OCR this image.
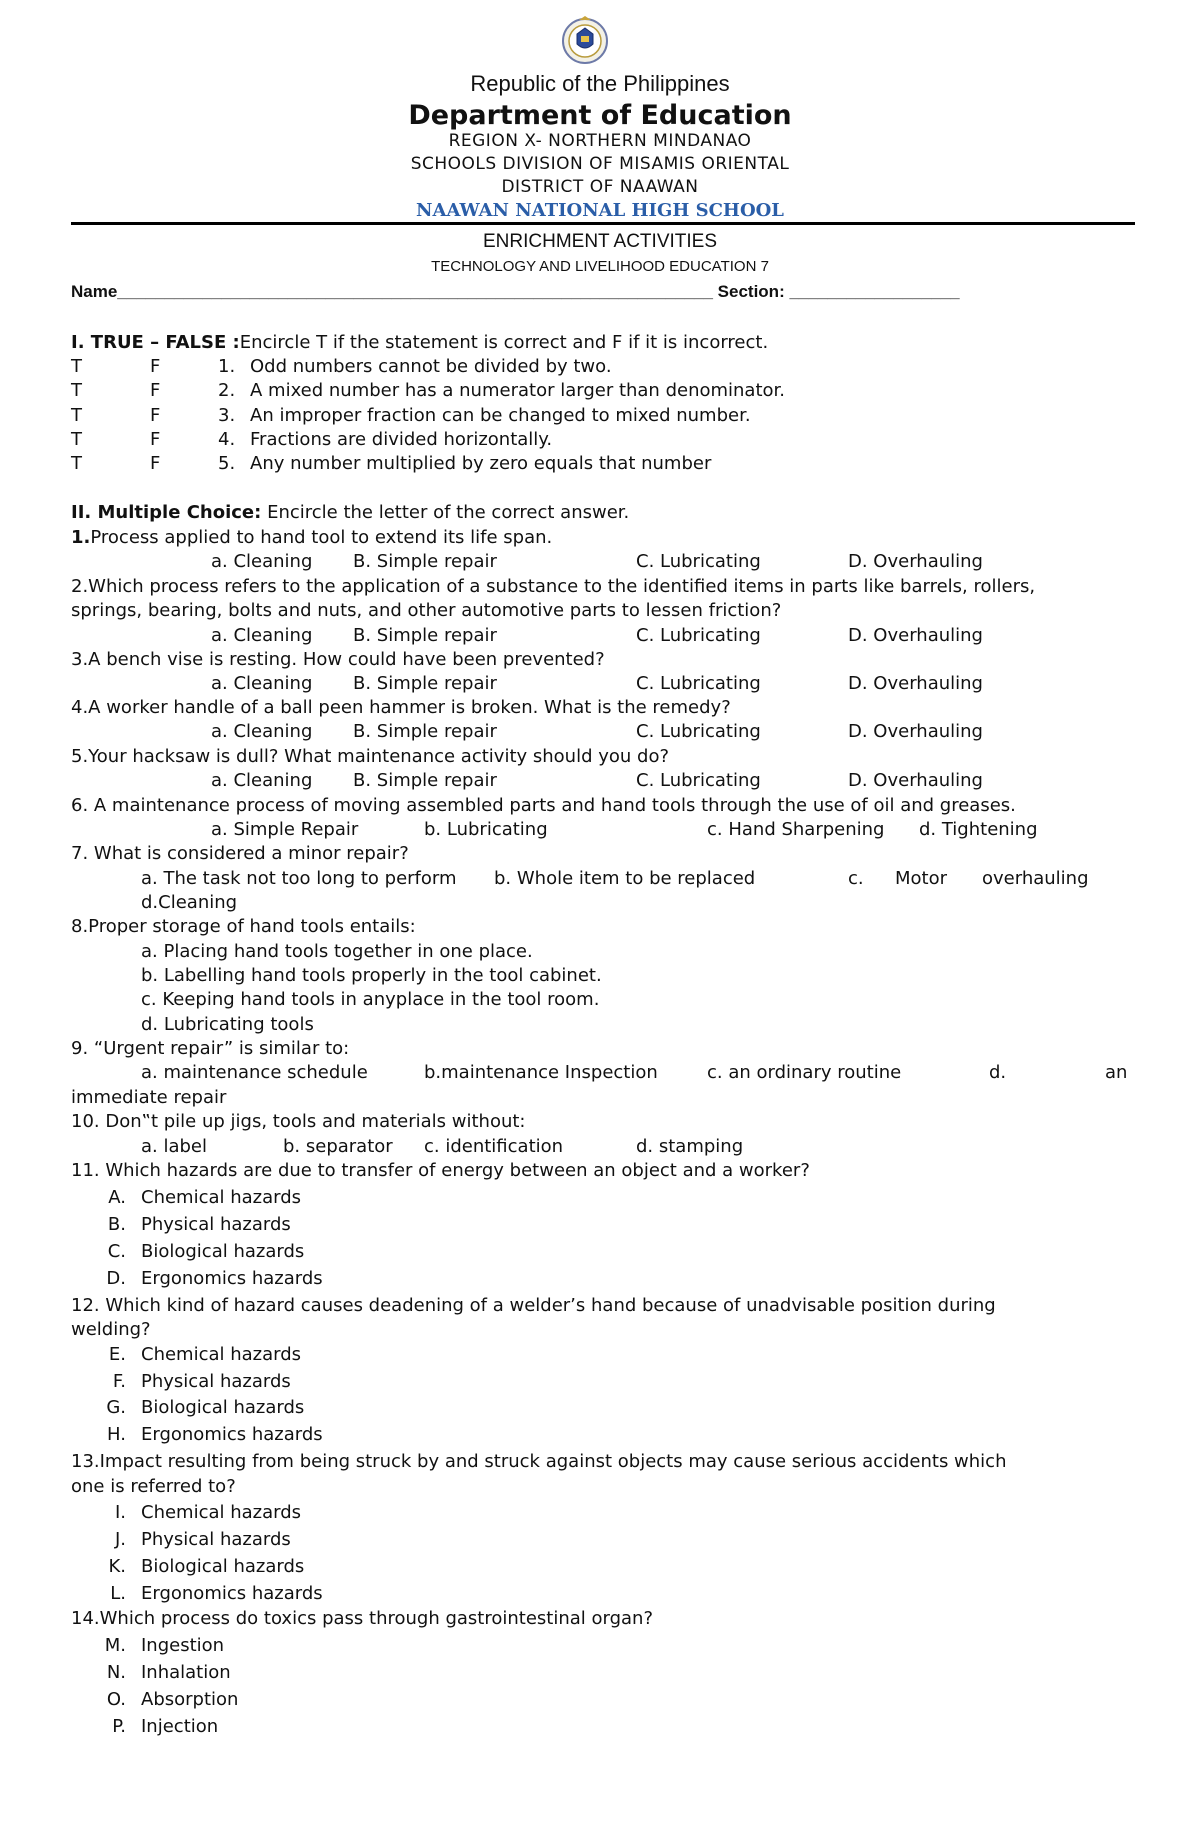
Republic of the Philippines
Department of Education
REGION X- NORTHERN MINDANAO
SCHOOLS DIVISION OF MISAMIS ORIENTAL
DISTRICT OF NAAWAN
NAAWAN NATIONAL HIGH SCHOOL
ENRICHMENT ACTIVITIES
TECHNOLOGY AND LIVELIHOOD EDUCATION 7
Name_______________________________________________________________ Section: __________________
I. TRUE – FALSE :Encircle T if the statement is correct and F if it is incorrect.
T	F	1. Odd numbers cannot be divided by two.
T	F	2. A mixed number has a numerator larger than denominator.
T	F	3. An improper fraction can be changed to mixed number.
T	F	4. Fractions are divided horizontally.
T	F	5. Any number multiplied by zero equals that number
II. Multiple Choice: Encircle the letter of the correct answer.
1.Process applied to hand tool to extend its life span.
a. Cleaning B. Simple repair	C. Lubricating	D. Overhauling
2.Which process refers to the application of a substance to the identified items in parts like barrels, rollers,
springs, bearing, bolts and nuts, and other automotive parts to lessen friction?
a. Cleaning B. Simple repair	C. Lubricating	D. Overhauling
3.A bench vise is resting. How could have been prevented?
a. Cleaning B. Simple repair	C. Lubricating	D. Overhauling
4.A worker handle of a ball peen hammer is broken. What is the remedy?
a. Cleaning B. Simple repair	C. Lubricating	D. Overhauling
5.Your hacksaw is dull? What maintenance activity should you do?
a. Cleaning B. Simple repair	C. Lubricating	D. Overhauling
6. A maintenance process of moving assembled parts and hand tools through the use of oil and greases.
a. Simple Repair	b. Lubricating	c. Hand Sharpening d. Tightening
7. What is considered a minor repair?
a. The task not too long to perform b. Whole item to be replaced	c. Motor overhauling
d.Cleaning
8.Proper storage of hand tools entails:
a. Placing hand tools together in one place.
b. Labelling hand tools properly in the tool cabinet.
c. Keeping hand tools in anyplace in the tool room.
d. Lubricating tools
9. “Urgent repair” is similar to:
a. maintenance schedule	b.maintenance Inspection	c. an ordinary routine	d.	an
immediate repair
10. Don‟t pile up jigs, tools and materials without:
a. label	b. separator c. identification	d. stamping
11. Which hazards are due to transfer of energy between an object and a worker?
A. Chemical hazards
B. Physical hazards
C. Biological hazards
D. Ergonomics hazards
12. Which kind of hazard causes deadening of a welder’s hand because of unadvisable position during
welding?
E. Chemical hazards
F. Physical hazards
G. Biological hazards
H. Ergonomics hazards
13.Impact resulting from being struck by and struck against objects may cause serious accidents which
one is referred to?
I. Chemical hazards
J. Physical hazards
K. Biological hazards
L. Ergonomics hazards
14.Which process do toxics pass through gastrointestinal organ?
M. Ingestion
N. Inhalation
O. Absorption
P. Injection
